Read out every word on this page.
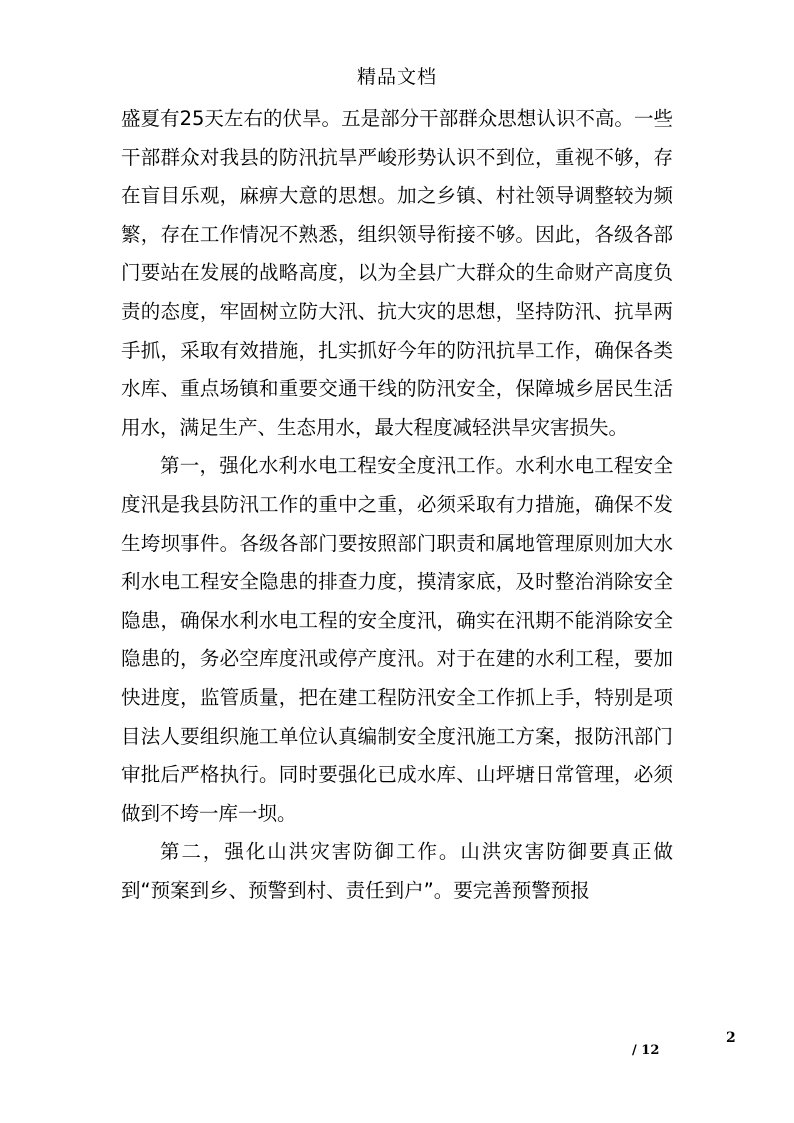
精品文档

盛夏有25天左右的伏旱。五是部分干部群众思想认识不高。一些干部群众对我县的防汛抗旱严峻形势认识不到位，重视不够，存在盲目乐观，麻痹大意的思想。加之乡镇、村社领导调整较为频繁，存在工作情况不熟悉，组织领导衔接不够。因此，各级各部门要站在发展的战略高度，以为全县广大群众的生命财产高度负责的态度，牢固树立防大汛、抗大灾的思想，坚持防汛、抗旱两手抓，采取有效措施，扎实抓好今年的防汛抗旱工作，确保各类水库、重点场镇和重要交通干线的防汛安全，保障城乡居民生活用水，满足生产、生态用水，最大程度减轻洪旱灾害损失。

第一，强化水利水电工程安全度汛工作。水利水电工程安全度汛是我县防汛工作的重中之重，必须采取有力措施，确保不发生垮坝事件。各级各部门要按照部门职责和属地管理原则加大水利水电工程安全隐患的排查力度，摸清家底，及时整治消除安全隐患，确保水利水电工程的安全度汛，确实在汛期不能消除安全隐患的，务必空库度汛或停产度汛。对于在建的水利工程，要加快进度，监管质量，把在建工程防汛安全工作抓上手，特别是项目法人要组织施工单位认真编制安全度汛施工方案，报防汛部门审批后严格执行。同时要强化已成水库、山坪塘日常管理，必须做到不垮一库一坝。

第二，强化山洪灾害防御工作。山洪灾害防御要真正做到“预案到乡、预警到村、责任到户”。要完善预警预报

2
/ 12
